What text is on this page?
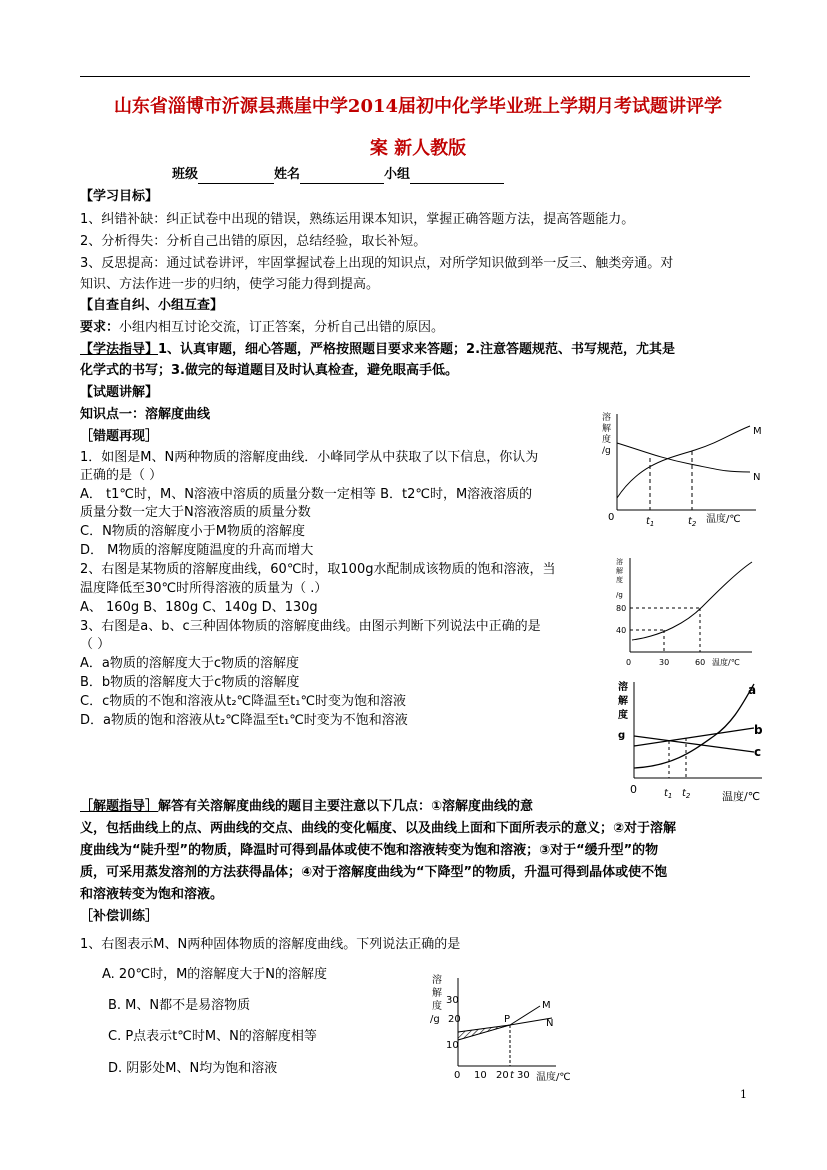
山东省淄博市沂源县燕崖中学2014届初中化学毕业班上学期月考试题讲评学
案 新人教版
班级	姓名	小组
【学习目标】
1、纠错补缺：纠正试卷中出现的错误，熟练运用课本知识，掌握正确答题方法，提高答题能力。
2、分析得失：分析自己出错的原因，总结经验，取长补短。
3、反思提高：通过试卷讲评，牢固掌握试卷上出现的知识点，对所学知识做到举一反三、触类旁通。对
知识、方法作进一步的归纳，使学习能力得到提高。
【自查自纠、小组互查】
要求：小组内相互讨论交流，订正答案，分析自己出错的原因。
【学法指导】1、认真审题，细心答题，严格按照题目要求来答题；2.注意答题规范、书写规范，尤其是
化学式的书写；3.做完的每道题目及时认真检查，避免眼高手低。
【试题讲解】
知识点一：溶解度曲线
［错题再现］
1．如图是M、N两种物质的溶解度曲线．小峰同学从中获取了以下信息，你认为
正确的是（ ）
A． t1℃时，M、N溶液中溶质的质量分数一定相等 B．t2℃时，M溶液溶质的
质量分数一定大于N溶液溶质的质量分数
C．N物质的溶解度小于M物质的溶解度
D． M物质的溶解度随温度的升高而增大
2、右图是某物质的溶解度曲线，60℃时，取100g水配制成该物质的饱和溶液，当
温度降低至30℃时所得溶液的质量为（ .）
A、 160g B、180g C、140g D、130g
3、右图是a、b、c三种固体物质的溶解度曲线。由图示判断下列说法中正确的是
（ ）
A．a物质的溶解度大于c物质的溶解度
B．b物质的溶解度大于c物质的溶解度
C．c物质的不饱和溶液从t₂℃降温至t₁℃时变为饱和溶液
D．a物质的饱和溶液从t₂℃降温至t₁℃时变为不饱和溶液
［解题指导］解答有关溶解度曲线的题目主要注意以下几点：①溶解度曲线的意
义，包括曲线上的点、两曲线的交点、曲线的变化幅度、以及曲线上面和下面所表示的意义；②对于溶解
度曲线为“陡升型”的物质，降温时可得到晶体或使不饱和溶液转变为饱和溶液；③对于“缓升型”的物
质，可采用蒸发溶剂的方法获得晶体；④对于溶解度曲线为“下降型”的物质，升温可得到晶体或使不饱
和溶液转变为饱和溶液。
［补偿训练］
1、右图表示M、N两种固体物质的溶解度曲线。下列说法正确的是
A. 20℃时，M的溶解度大于N的溶解度
B. M、N都不是易溶物质
C. P点表示t℃时M、N的溶解度相等
D. 阴影处M、N均为饱和溶液
溶
解
度
/g
M
N
0	$t_1$	$t_2$ 温度/℃
溶
解
度
/g
80
40
0	30	60 温度/℃
溶
解
度
g
a
b
c
0	$t_1$ $t_2$	温度/℃
溶
解
度
/g
30
20
10
0 10 20 t 30 温度/℃
M
N
P
1
